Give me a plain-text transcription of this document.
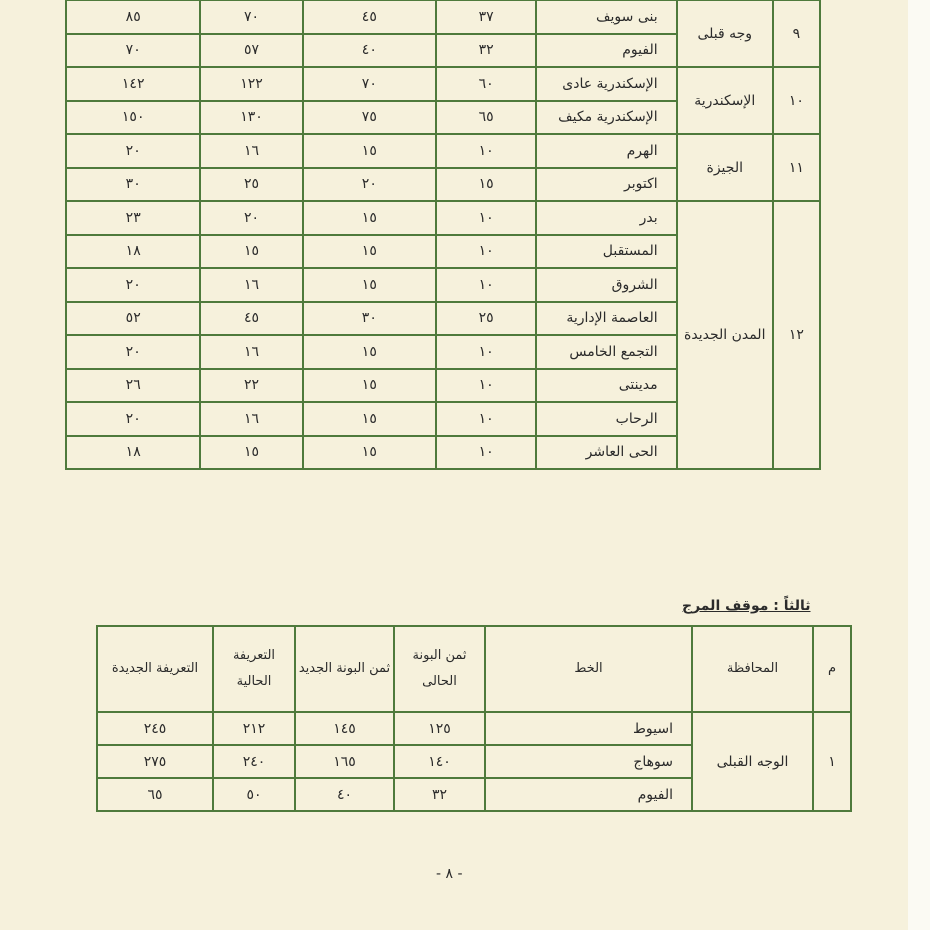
٩	وجه قبلى	بنى سويف	٣٧	٤٥	٧٠	٨٥
		الفيوم	٣٢	٤٠	٥٧	٧٠
١٠	الإسكندرية	الإسكندرية عادى	٦٠	٧٠	١٢٢	١٤٢
		الإسكندرية مكيف	٦٥	٧٥	١٣٠	١٥٠
١١	الجيزة	الهرم	١٠	١٥	١٦	٢٠
		اكتوبر	١٥	٢٠	٢٥	٣٠
١٢	المدن الجديدة	بدر	١٠	١٥	٢٠	٢٣
		المستقبل	١٠	١٥	١٥	١٨
		الشروق	١٠	١٥	١٦	٢٠
		العاصمة الإدارية	٢٥	٣٠	٤٥	٥٢
		التجمع الخامس	١٠	١٥	١٦	٢٠
		مدينتى	١٠	١٥	٢٢	٢٦
		الرحاب	١٠	١٥	١٦	٢٠
		الحى العاشر	١٠	١٥	١٥	١٨
ثالثاً : موقف المرج
م	المحافظة	الخط	ثمن البونة الحالى	ثمن البونة الجديد	التعريفة الحالية	التعريفة الجديدة
١	الوجه القبلى	اسيوط	١٢٥	١٤٥	٢١٢	٢٤٥
		سوهاج	١٤٠	١٦٥	٢٤٠	٢٧٥
		الفيوم	٣٢	٤٠	٥٠	٦٥
- ٨ -
